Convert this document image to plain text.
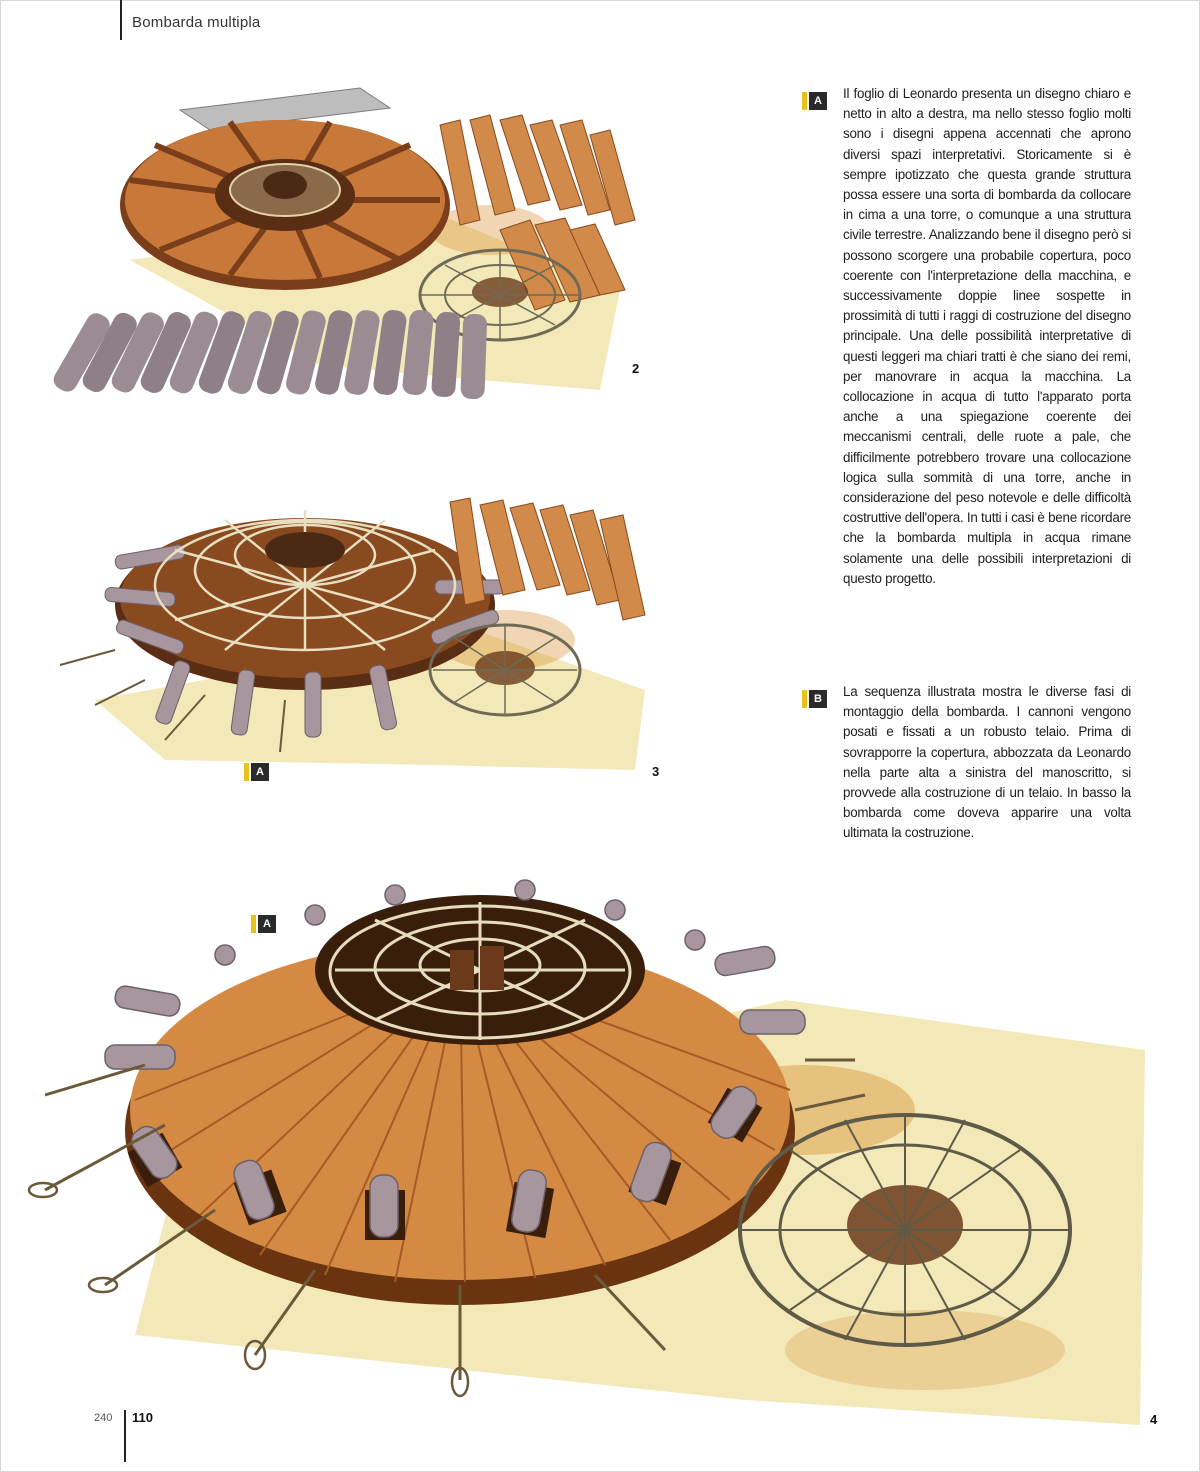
Bombarda multipla
2
A	3
A
4
A	Il foglio di Leonardo presenta un disegno chiaro e netto in alto a destra, ma nello stesso foglio molti sono i disegni appena accennati che aprono diversi spazi interpretativi. Storicamente si è sempre ipotizzato che questa grande struttura possa essere una sorta di bombarda da collocare in cima a una torre, o comunque a una struttura civile terrestre. Analizzando bene il disegno però si possono scorgere una probabile copertura, poco coerente con l'interpretazione della macchina, e successivamente doppie linee sospette in prossimità di tutti i raggi di costruzione del disegno principale. Una delle possibilità interpretative di questi leggeri ma chiari tratti è che siano dei remi, per manovrare in acqua la macchina. La collocazione in acqua di tutto l'apparato porta anche a una spiegazione coerente dei meccanismi centrali, delle ruote a pale, che difficilmente potrebbero trovare una collocazione logica sulla sommità di una torre, anche in considerazione del peso notevole e delle difficoltà costruttive dell'opera. In tutti i casi è bene ricordare che la bombarda multipla in acqua rimane solamente una delle possibili interpretazioni di questo progetto.

B	La sequenza illustrata mostra le diverse fasi di montaggio della bombarda. I cannoni vengono posati e fissati a un robusto telaio. Prima di sovrapporre la copertura, abbozzata da Leonardo nella parte alta a sinistra del manoscritto, si provvede alla costruzione di un telaio. In basso la bombarda come doveva apparire una volta ultimata la costruzione.

240 110
